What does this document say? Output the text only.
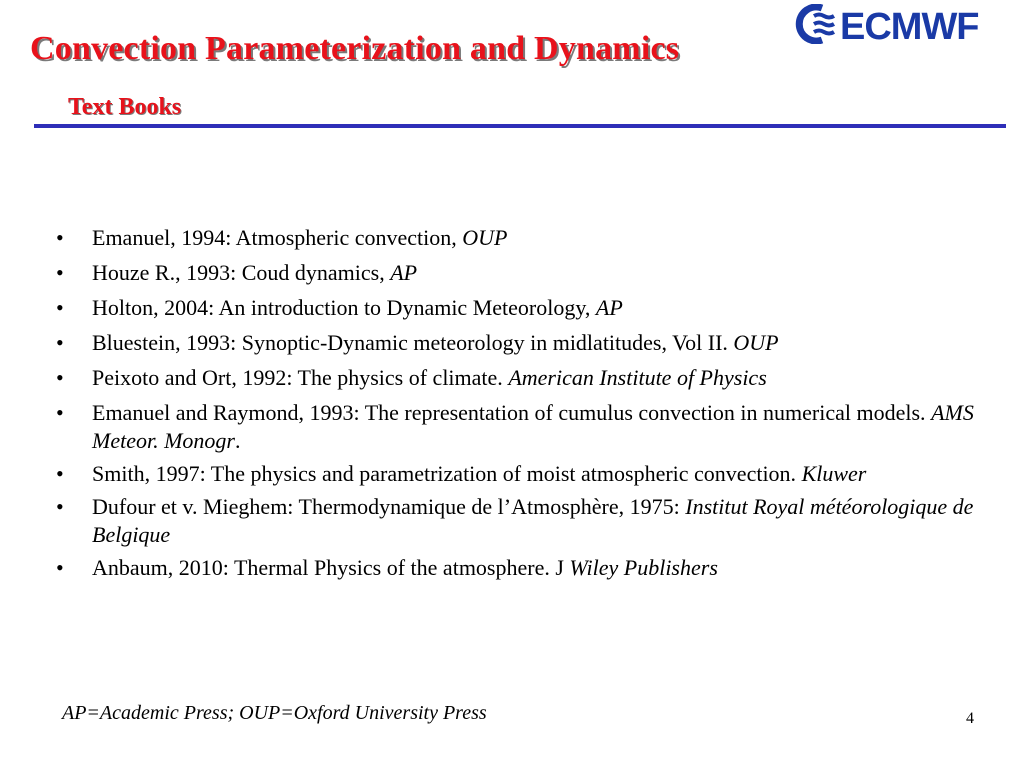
Convection Parameterization and Dynamics
Text Books
ECMWF
•	Emanuel, 1994: Atmospheric convection, OUP
•	Houze R., 1993: Coud dynamics, AP
•	Holton, 2004: An introduction to Dynamic Meteorology, AP
•	Bluestein, 1993: Synoptic-Dynamic meteorology in midlatitudes, Vol II. OUP
•	Peixoto and Ort, 1992: The physics of climate. American Institute of Physics
•	Emanuel and Raymond, 1993: The representation of cumulus convection in numerical models. AMS Meteor. Monogr.
•	Smith, 1997: The physics and parametrization of moist atmospheric convection. Kluwer
•	Dufour et v. Mieghem: Thermodynamique de l’Atmosphère, 1975: Institut Royal météorologique de Belgique
•	Anbaum, 2010: Thermal Physics of the atmosphere. J Wiley Publishers
AP=Academic Press; OUP=Oxford University Press	4
